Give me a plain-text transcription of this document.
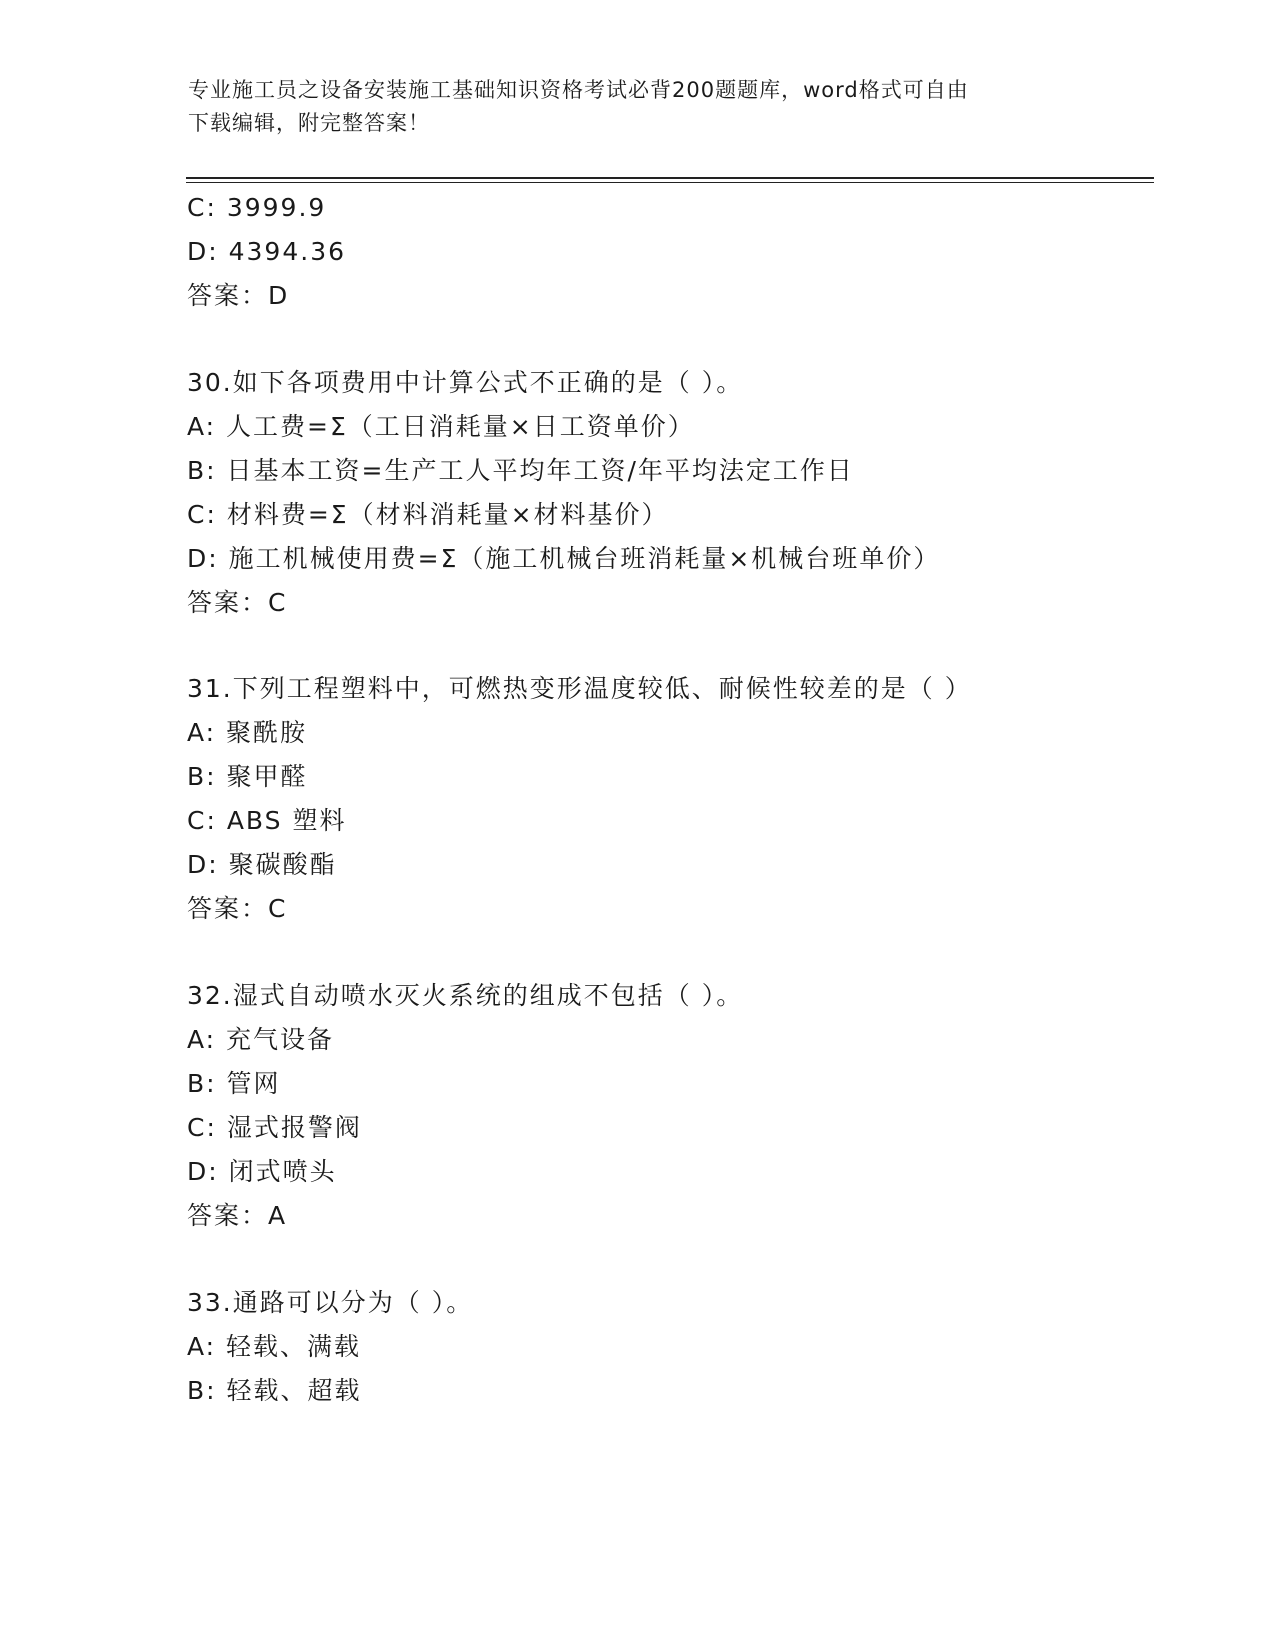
专业施工员之设备安装施工基础知识资格考试必背200题题库，word格式可自由
下载编辑，附完整答案！
C: 3999.9
D: 4394.36
答案：D
30.如下各项费用中计算公式不正确的是（ ）。
A: 人工费=Σ（工日消耗量×日工资单价）
B: 日基本工资=生产工人平均年工资/年平均法定工作日
C: 材料费=Σ（材料消耗量×材料基价）
D: 施工机械使用费=Σ（施工机械台班消耗量×机械台班单价）
答案：C
31.下列工程塑料中，可燃热变形温度较低、耐候性较差的是（ ）
A: 聚酰胺
B: 聚甲醛
C: ABS 塑料
D: 聚碳酸酯
答案：C
32.湿式自动喷水灭火系统的组成不包括（ ）。
A: 充气设备
B: 管网
C: 湿式报警阀
D: 闭式喷头
答案：A
33.通路可以分为（ ）。
A: 轻载、满载
B: 轻载、超载
